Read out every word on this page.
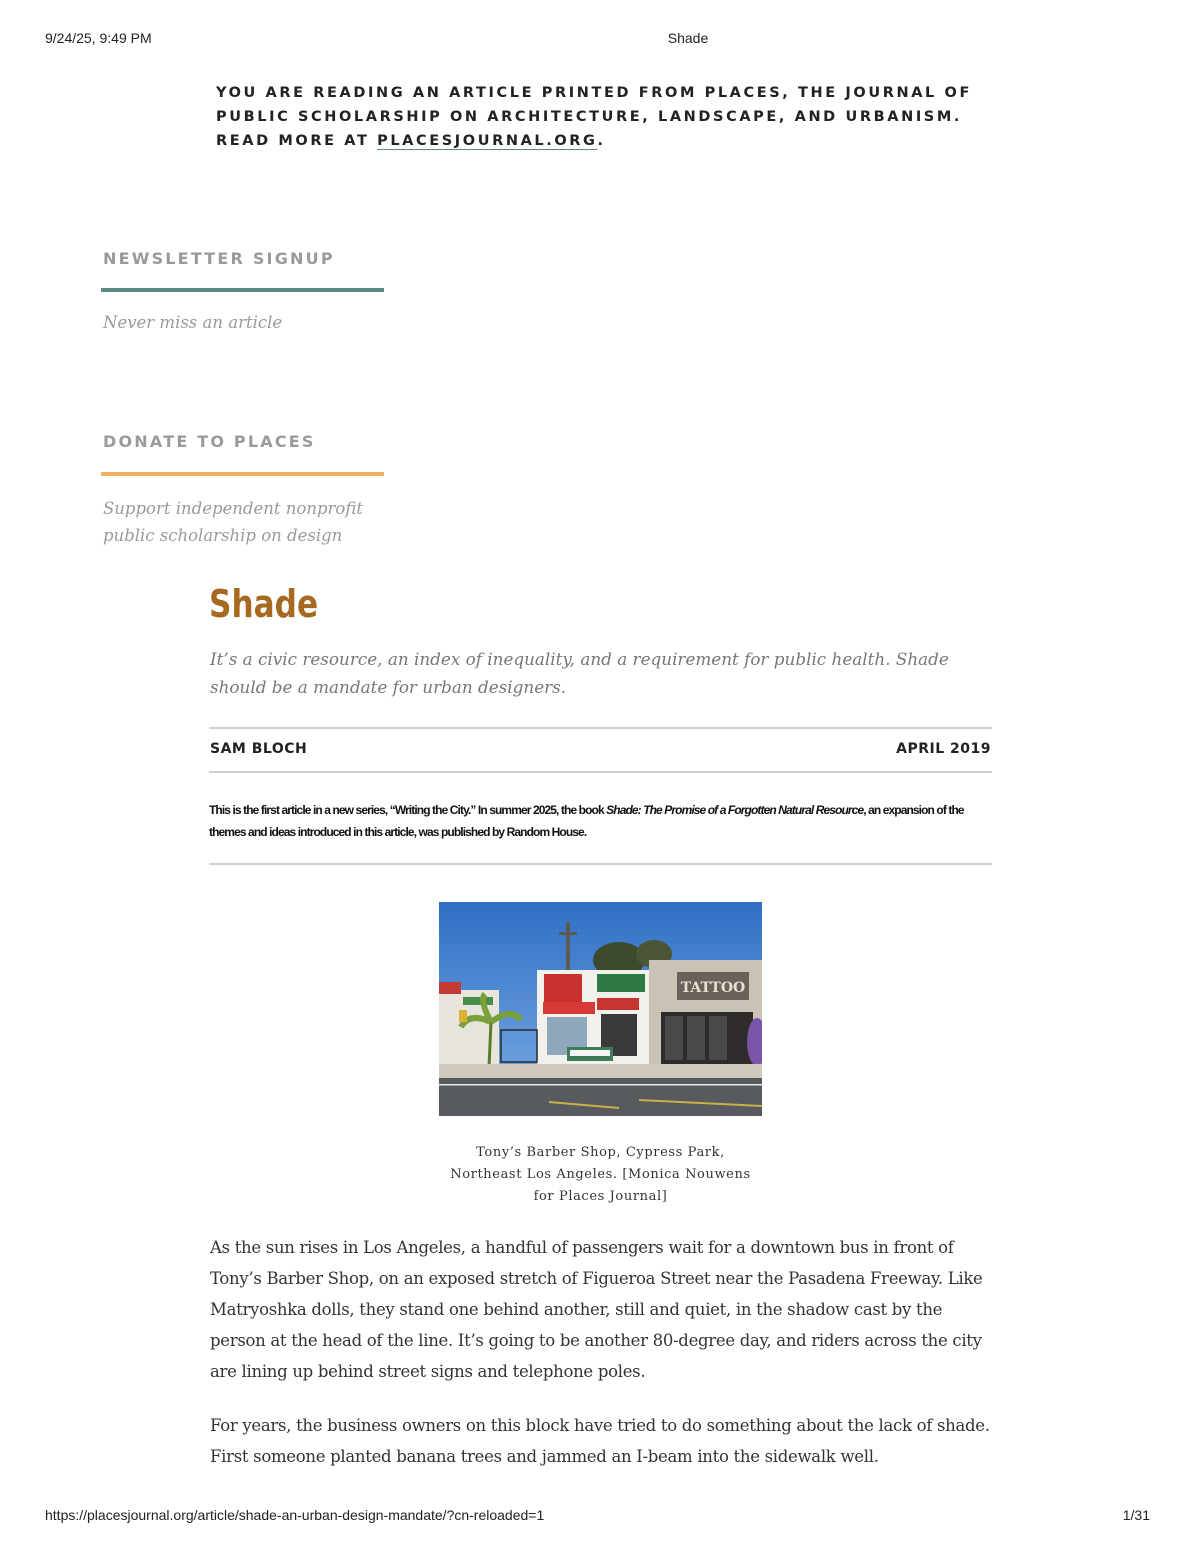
9/24/25, 9:49 PM	Shade
YOU ARE READING AN ARTICLE PRINTED FROM PLACES, THE JOURNAL OF PUBLIC SCHOLARSHIP ON ARCHITECTURE, LANDSCAPE, AND URBANISM. READ MORE AT PLACESJOURNAL.ORG.
NEWSLETTER SIGNUP
Never miss an article
DONATE TO PLACES
Support independent nonprofit public scholarship on design
Shade
It’s a civic resource, an index of inequality, and a requirement for public health. Shade should be a mandate for urban designers.
SAM BLOCH	APRIL 2019
This is the first article in a new series, “Writing the City.” In summer 2025, the book Shade: The Promise of a Forgotten Natural Resource, an expansion of the themes and ideas introduced in this article, was published by Random House.
TATTOO
Tony’s Barber Shop, Cypress Park, Northeast Los Angeles. [Monica Nouwens for Places Journal]
As the sun rises in Los Angeles, a handful of passengers wait for a downtown bus in front of Tony’s Barber Shop, on an exposed stretch of Figueroa Street near the Pasadena Freeway. Like Matryoshka dolls, they stand one behind another, still and quiet, in the shadow cast by the person at the head of the line. It’s going to be another 80-degree day, and riders across the city are lining up behind street signs and telephone poles.
For years, the business owners on this block have tried to do something about the lack of shade. First someone planted banana trees and jammed an I-beam into the sidewalk well.
https://placesjournal.org/article/shade-an-urban-design-mandate/?cn-reloaded=1	1/31
